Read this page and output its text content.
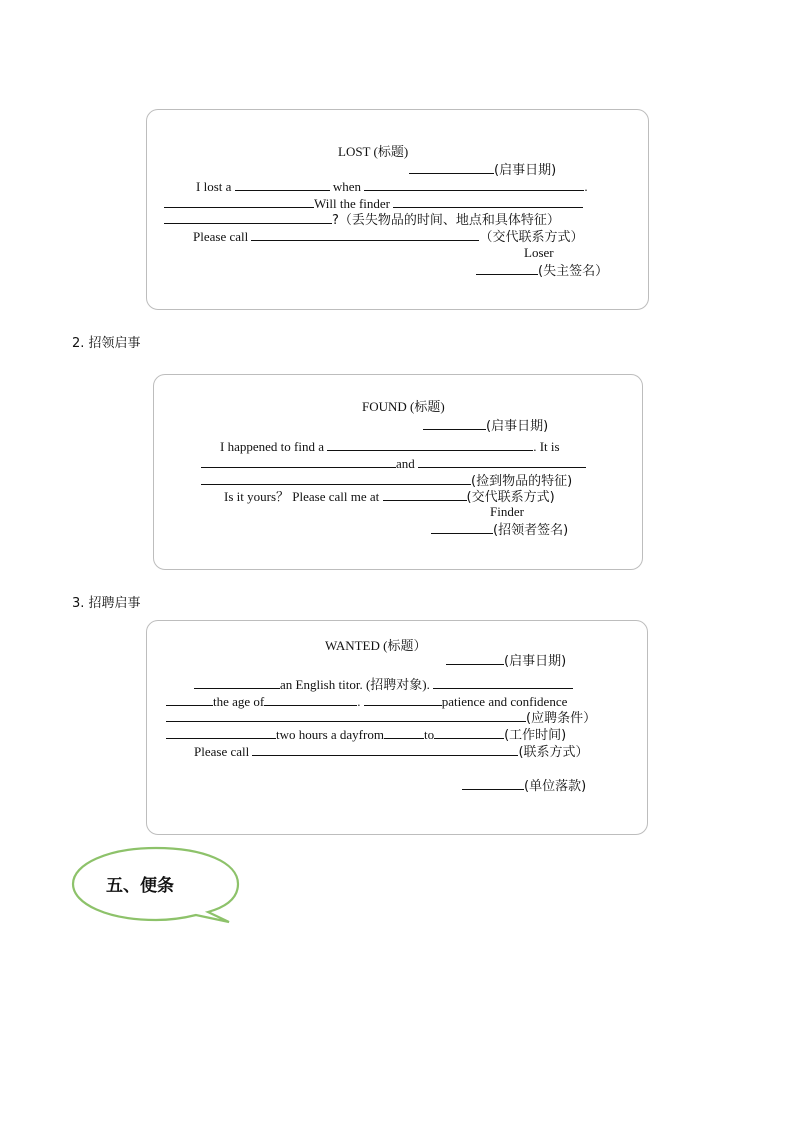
LOST (标题)
(启事日期)
I lost a	when	.
Will the finder
?（丢失物品的时间、地点和具体特征）
Please call	（交代联系方式）
Loser
(失主签名）
2. 招领启事
FOUND (标题)
(启事日期)
I happened to find a	. It is
and
(捡到物品的特征)
Is it yours？ Please call me at	(交代联系方式)
Finder
(招领者签名)
3. 招聘启事
WANTED (标题）
(启事日期)
an English titor. (招聘对象).
the age of	.	patience and confidence
(应聘条件）
two hours a dayfrom	to	(工作时间)
Please call	(联系方式）
(单位落款)
五、便条
